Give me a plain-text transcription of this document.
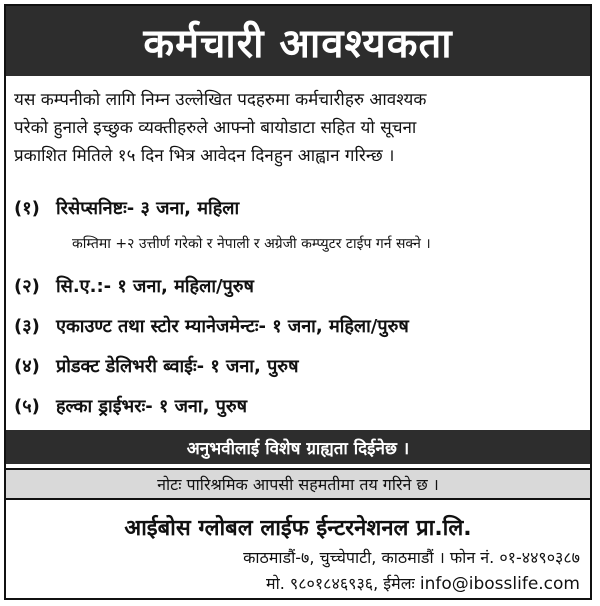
कर्मचारी आवश्यकता
यस कम्पनीको लागि निम्न उल्लेखित पदहरुमा कर्मचारीहरु आवश्यक
परेको हुनाले इच्छुक व्यक्तीहरुले आफ्नो बायोडाटा सहित यो सूचना
प्रकाशित मितिले १५ दिन भित्र आवेदन दिनहुन आह्वान गरिन्छ ।
(१) रिसेप्सनिष्टः- ३ जना, महिला
कम्तिमा +२ उत्तीर्ण गरेको र नेपाली र अग्रेजी कम्प्युटर टाईप गर्न सक्ने ।
(२) सि.ए.:- १ जना, महिला/पुरुष
(३) एकाउण्ट तथा स्टोर म्यानेजमेन्टः- १ जना, महिला/पुरुष
(४) प्रोडक्ट डेलिभरी ब्वाईः- १ जना, पुरुष
(५) हल्का ड्राईभरः- १ जना, पुरुष
अनुभवीलाई विशेष ग्राह्यता दिईनेछ ।
नोटः पारिश्रमिक आपसी सहमतीमा तय गरिने छ ।
आईबोस ग्लोबल लाईफ ईन्टरनेशनल प्रा.लि.
काठमाडौं-७, चुच्चेपाटी, काठमाडौं । फोन नं. ०१-४४९०३८७
मो. ९८०१८४६९३६, ईमेलः info@ibosslife.com
